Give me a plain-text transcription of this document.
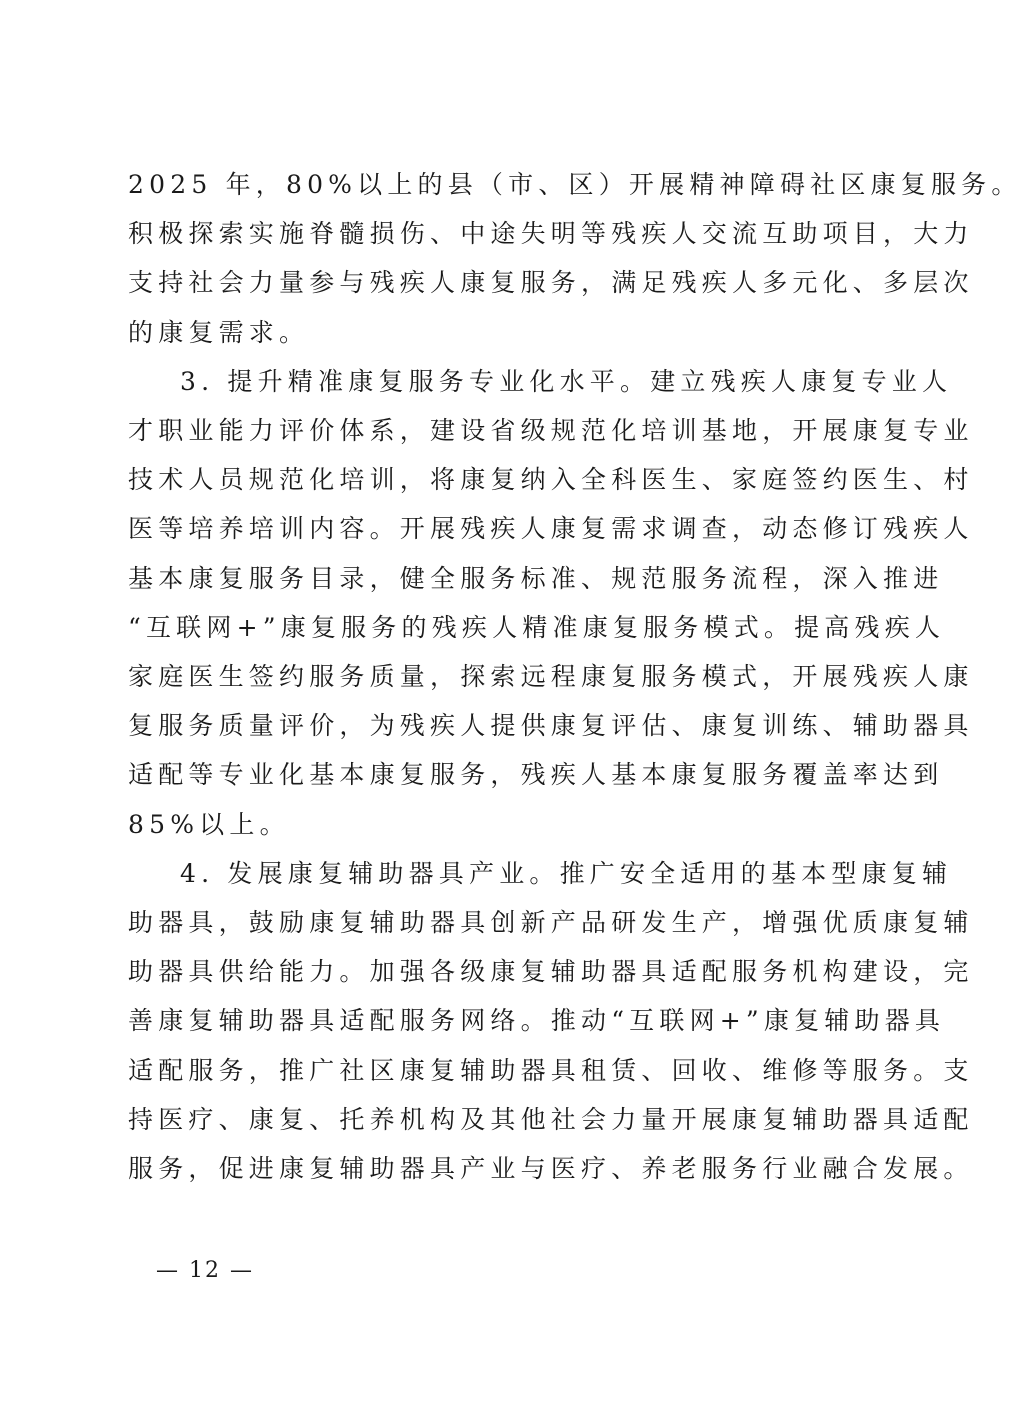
2025 年，80%以上的县（市、区）开展精神障碍社区康复服务。
积极探索实施脊髓损伤、中途失明等残疾人交流互助项目，大力
支持社会力量参与残疾人康复服务，满足残疾人多元化、多层次
的康复需求。
3. 提升精准康复服务专业化水平。建立残疾人康复专业人
才职业能力评价体系，建设省级规范化培训基地，开展康复专业
技术人员规范化培训，将康复纳入全科医生、家庭签约医生、村
医等培养培训内容。开展残疾人康复需求调查，动态修订残疾人
基本康复服务目录，健全服务标准、规范服务流程，深入推进
“互联网+”康复服务的残疾人精准康复服务模式。提高残疾人
家庭医生签约服务质量，探索远程康复服务模式，开展残疾人康
复服务质量评价，为残疾人提供康复评估、康复训练、辅助器具
适配等专业化基本康复服务，残疾人基本康复服务覆盖率达到
85%以上。
4. 发展康复辅助器具产业。推广安全适用的基本型康复辅
助器具，鼓励康复辅助器具创新产品研发生产，增强优质康复辅
助器具供给能力。加强各级康复辅助器具适配服务机构建设，完
善康复辅助器具适配服务网络。推动“互联网+”康复辅助器具
适配服务，推广社区康复辅助器具租赁、回收、维修等服务。支
持医疗、康复、托养机构及其他社会力量开展康复辅助器具适配
服务，促进康复辅助器具产业与医疗、养老服务行业融合发展。
— 12 —
